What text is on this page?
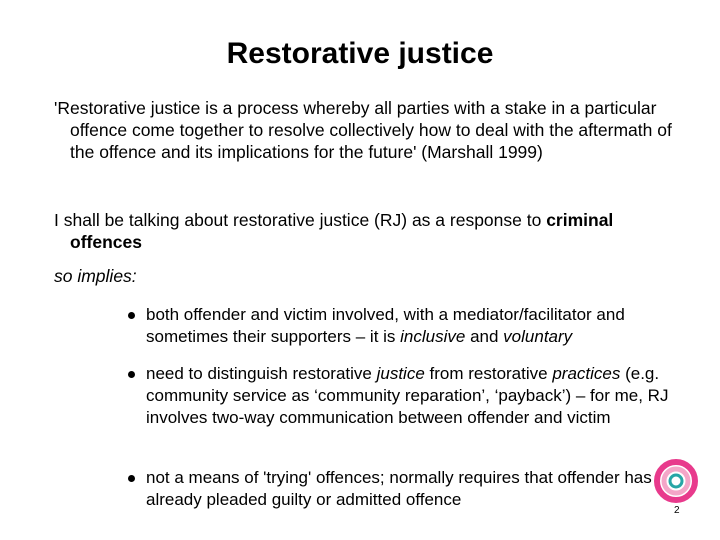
Restorative justice
'Restorative justice is a process whereby all parties with a stake in a particular offence come together to resolve collectively how to deal with the aftermath of the offence and its implications for the future' (Marshall 1999)
I shall be talking about restorative justice (RJ) as a response to criminal offences
so implies:
both offender and victim involved, with a mediator/facilitator and sometimes their supporters – it is inclusive and voluntary
need to distinguish restorative justice from restorative practices (e.g. community service as ‘community reparation’, ‘payback’) – for me, RJ involves two-way communication between offender and victim
not a means of 'trying' offences; normally requires that offender has already pleaded guilty or admitted offence
2
